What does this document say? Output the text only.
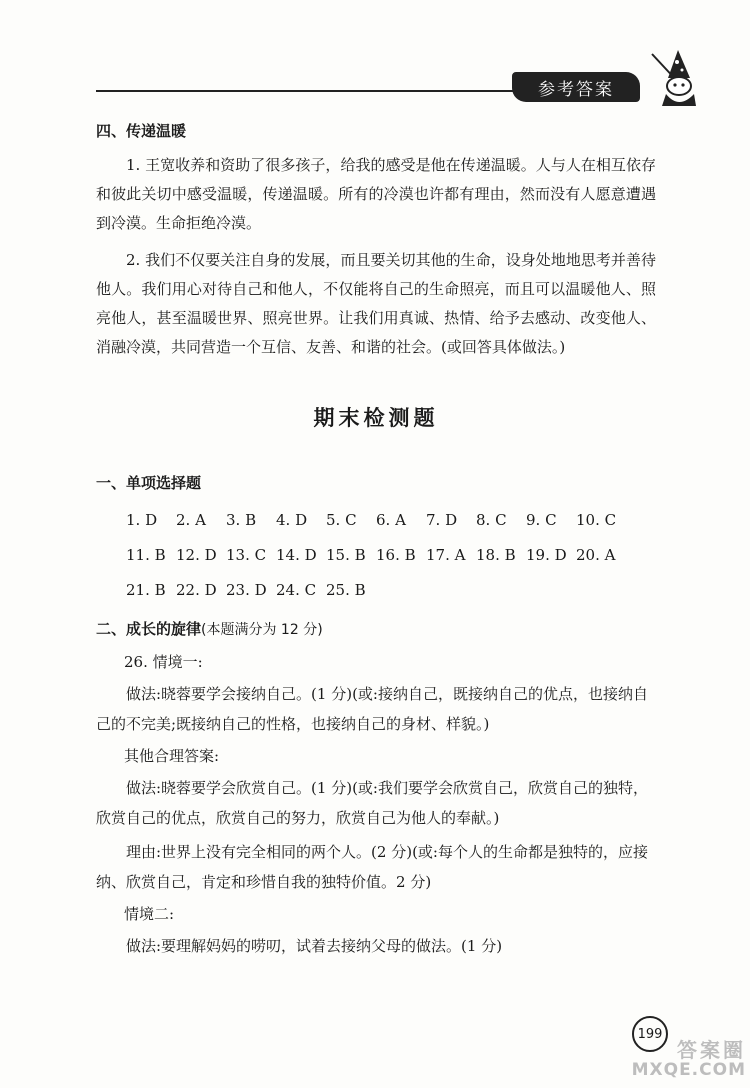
参考答案

四、传递温暖

1. 王宽收养和资助了很多孩子，给我的感受是他在传递温暖。人与人在相互依存和彼此关切中感受温暖，传递温暖。所有的冷漠也许都有理由，然而没有人愿意遭遇到冷漠。生命拒绝冷漠。

2. 我们不仅要关注自身的发展，而且要关切其他的生命，设身处地地思考并善待他人。我们用心对待自己和他人，不仅能将自己的生命照亮，而且可以温暖他人、照亮他人，甚至温暖世界、照亮世界。让我们用真诚、热情、给予去感动、改变他人、消融冷漠，共同营造一个互信、友善、和谐的社会。(或回答具体做法。)

期末检测题

一、单项选择题

1. D	2. A	3. B	4. D	5. C	6. A	7. D	8. C	9. C	10. C
11. B 12. D 13. C 14. D 15. B 16. B 17. A 18. B 19. D 20. A
21. B 22. D 23. D 24. C 25. B

二、成长的旋律(本题满分为 12 分)

26. 情境一:

做法:晓蓉要学会接纳自己。(1 分)(或:接纳自己，既接纳自己的优点，也接纳自己的不完美;既接纳自己的性格，也接纳自己的身材、样貌。)

其他合理答案:

做法:晓蓉要学会欣赏自己。(1 分)(或:我们要学会欣赏自己，欣赏自己的独特，欣赏自己的优点，欣赏自己的努力，欣赏自己为他人的奉献。)

理由:世界上没有完全相同的两个人。(2 分)(或:每个人的生命都是独特的，应接纳、欣赏自己，肯定和珍惜自我的独特价值。2 分)

情境二:

做法:要理解妈妈的唠叨，试着去接纳父母的做法。(1 分)

199
答案圈
MXQE.COM
